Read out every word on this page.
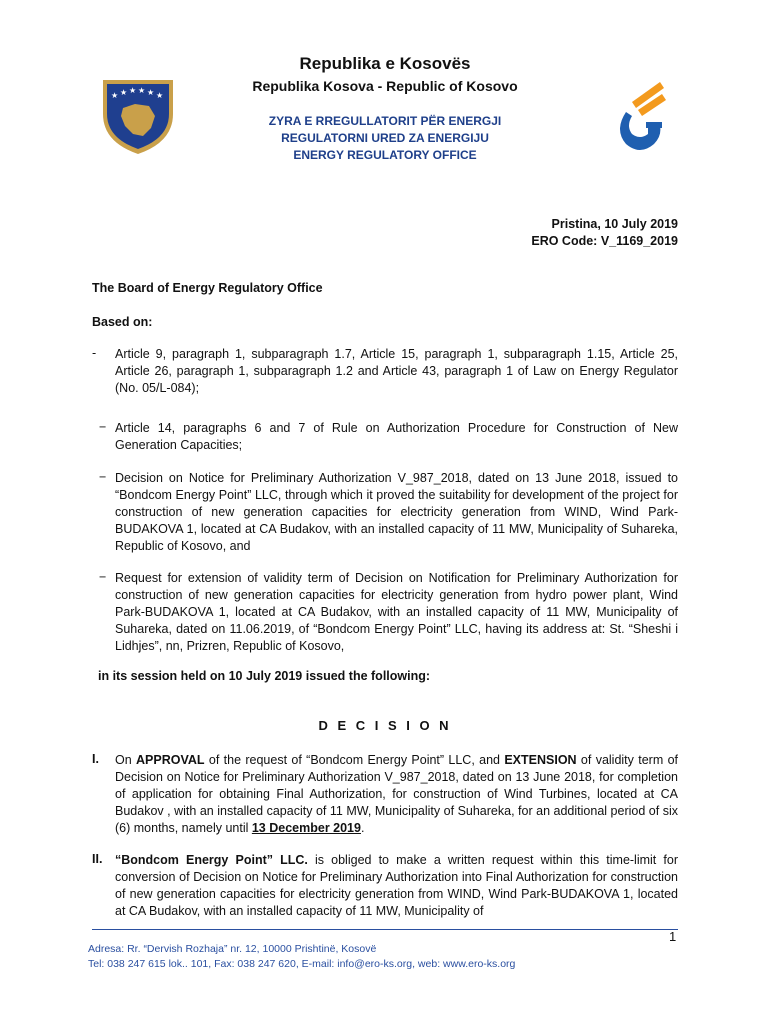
★ ★ ★ ★ ★ ★
Republika e Kosovës
Republika Kosova - Republic of Kosovo
ZYRA E RREGULLATORIT PËR ENERGJI
REGULATORNI URED ZA ENERGIJU
ENERGY REGULATORY OFFICE
Pristina, 10 July 2019
ERO Code: V_1169_2019
The Board of Energy Regulatory Office
Based on:
- Article 9, paragraph 1, subparagraph 1.7, Article 15, paragraph 1, subparagraph 1.15, Article 25, Article 26, paragraph 1, subparagraph 1.2 and Article 43, paragraph 1 of Law on Energy Regulator (No. 05/L-084);
− Article 14, paragraphs 6 and 7 of Rule on Authorization Procedure for Construction of New Generation Capacities;
− Decision on Notice for Preliminary Authorization V_987_2018, dated on 13 June 2018, issued to “Bondcom Energy Point” LLC, through which it proved the suitability for development of the project for construction of new generation capacities for electricity generation from WIND, Wind Park-BUDAKOVA 1, located at CA Budakov, with an installed capacity of 11 MW, Municipality of Suhareka, Republic of Kosovo, and
− Request for extension of validity term of Decision on Notification for Preliminary Authorization for construction of new generation capacities for electricity generation from hydro power plant, Wind Park-BUDAKOVA 1, located at CA Budakov, with an installed capacity of 11 MW, Municipality of Suhareka, dated on 11.06.2019, of “Bondcom Energy Point” LLC, having its address at: St. “Sheshi i Lidhjes”, nn, Prizren, Republic of Kosovo,
in its session held on 10 July 2019 issued the following:
D E C I S I O N
I. On APPROVAL of the request of “Bondcom Energy Point” LLC, and EXTENSION of validity term of Decision on Notice for Preliminary Authorization V_987_2018, dated on 13 June 2018, for completion of application for obtaining Final Authorization, for construction of Wind Turbines, located at CA Budakov , with an installed capacity of 11 MW, Municipality of Suhareka, for an additional period of six (6) months, namely until 13 December 2019.
II. “Bondcom Energy Point” LLC. is obliged to make a written request within this time-limit for conversion of Decision on Notice for Preliminary Authorization into Final Authorization for construction of new generation capacities for electricity generation from WIND, Wind Park-BUDAKOVA 1, located at CA Budakov, with an installed capacity of 11 MW, Municipality of
1
Adresa: Rr. “Dervish Rozhaja” nr. 12, 10000 Prishtinë, Kosovë
Tel: 038 247 615 lok.. 101, Fax: 038 247 620, E-mail: info@ero-ks.org, web: www.ero-ks.org
